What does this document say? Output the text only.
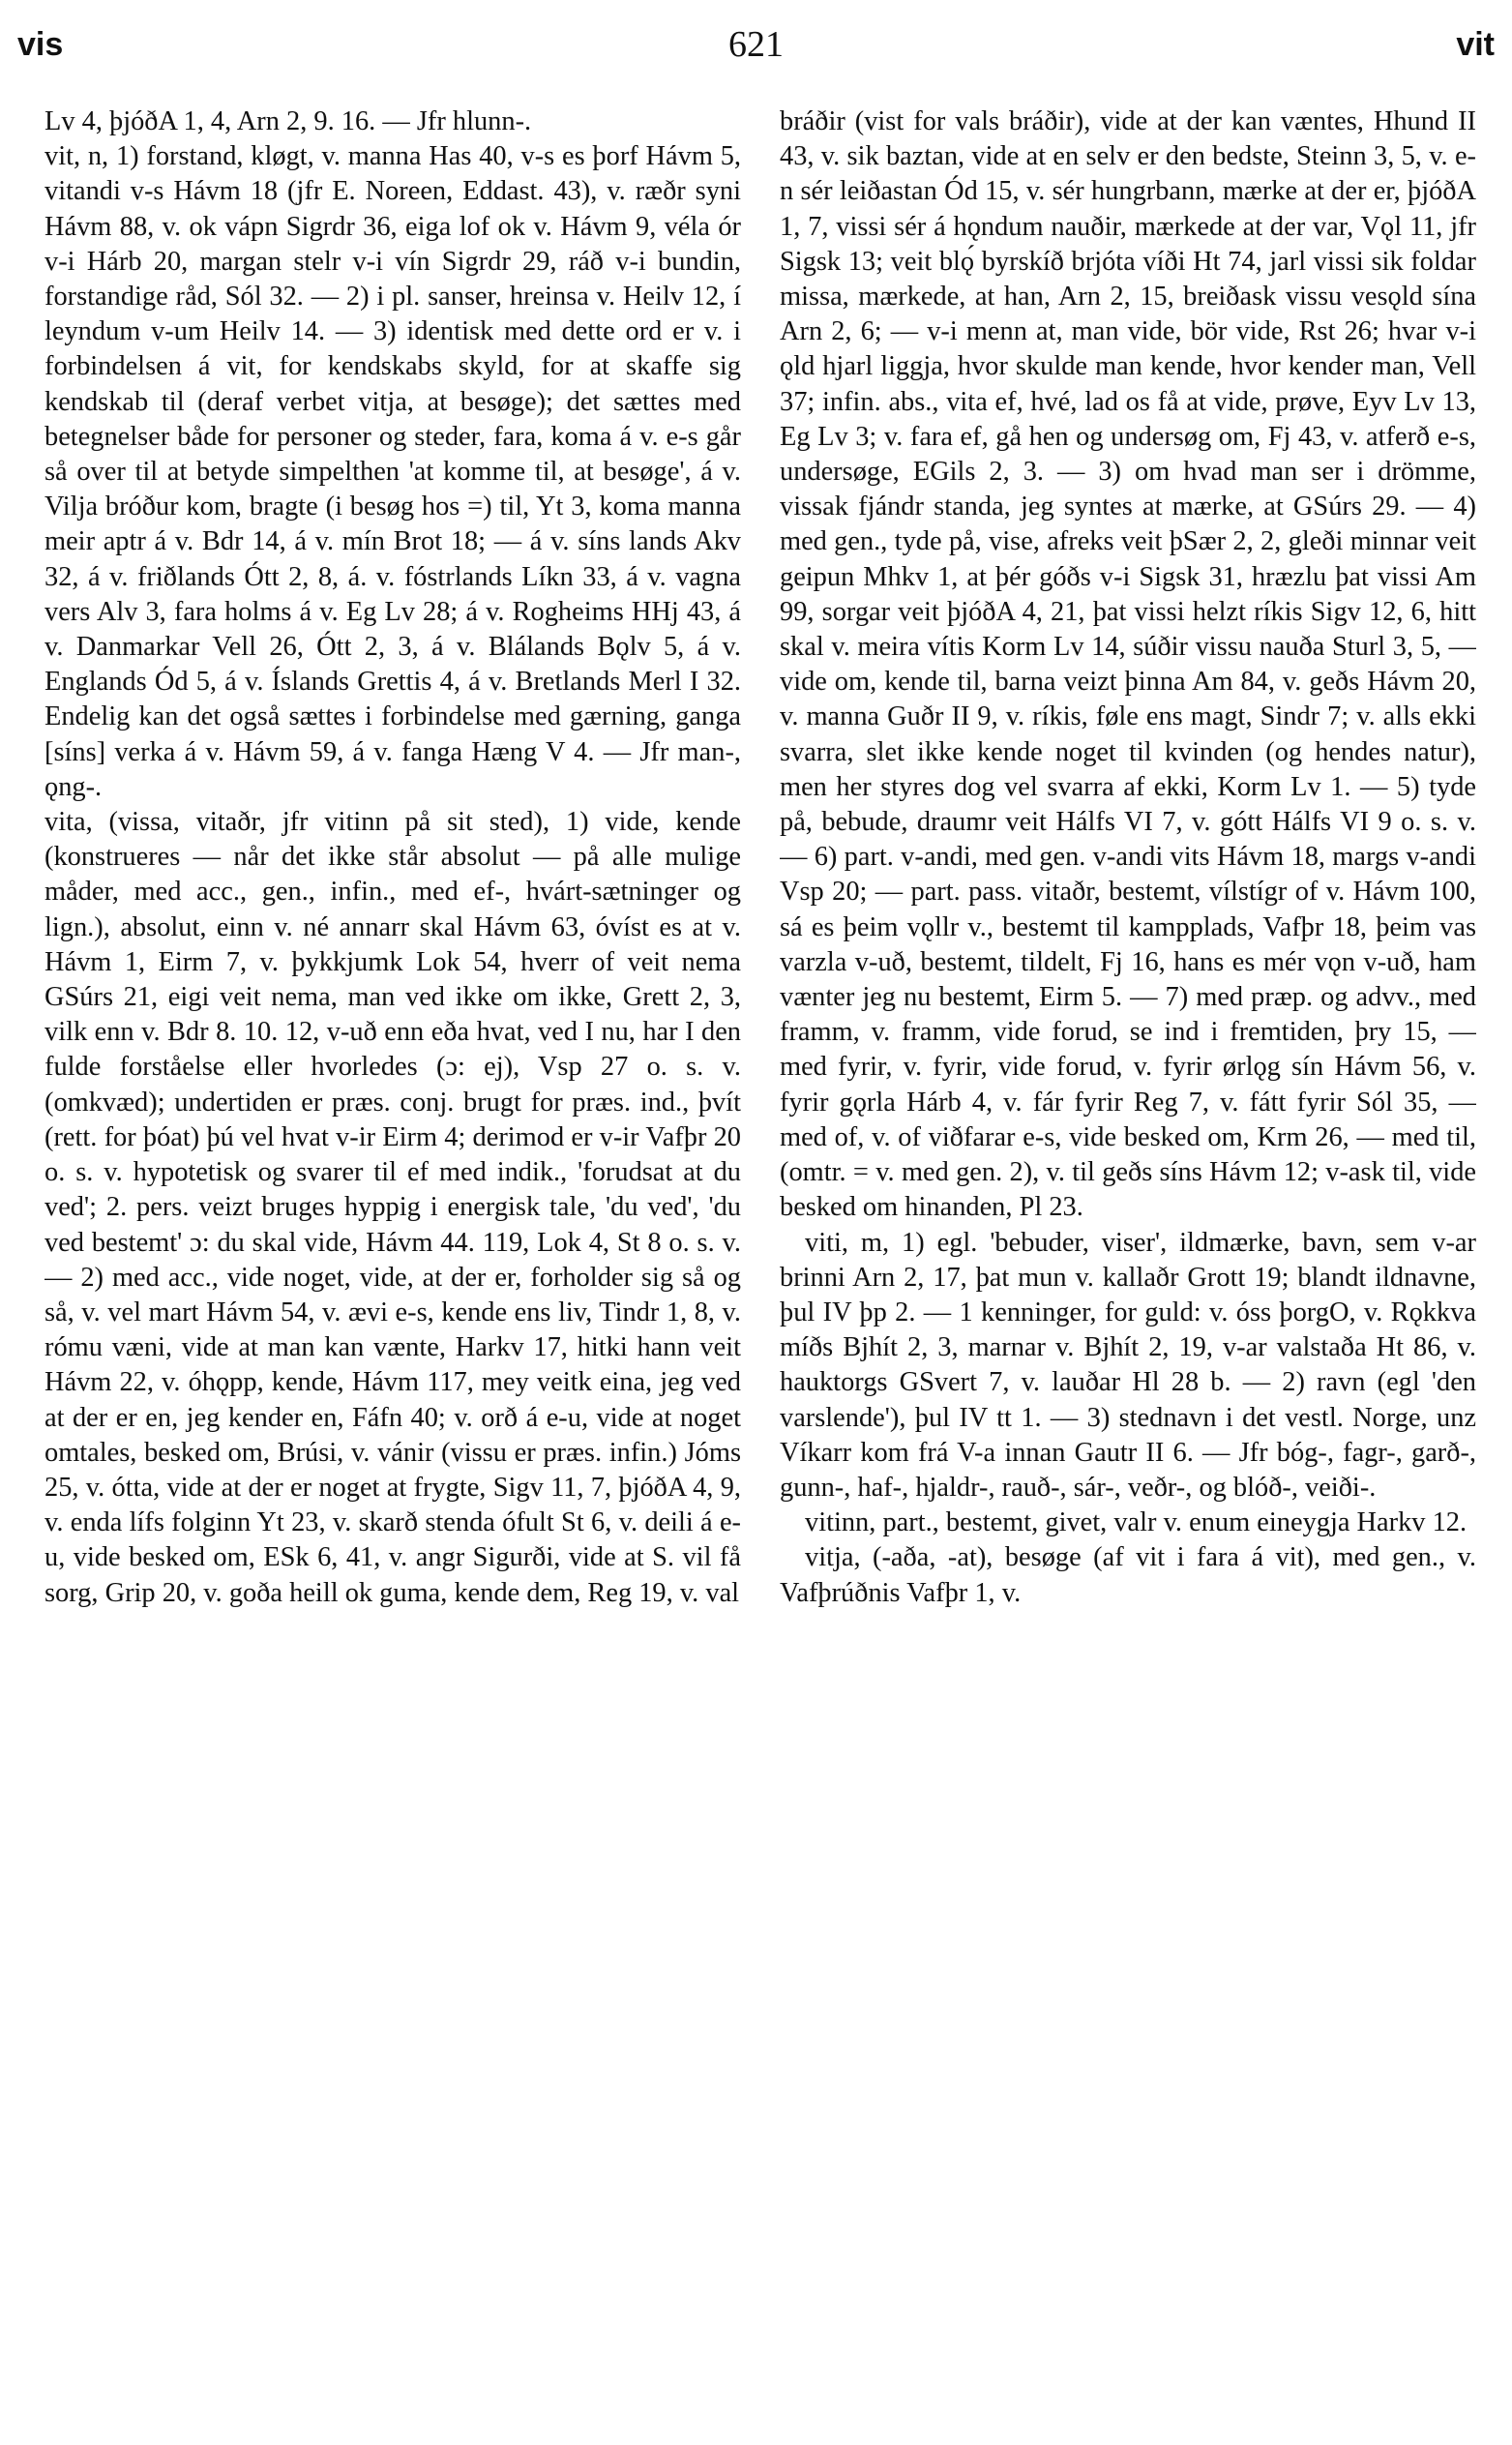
vis	621	vit

Lv 4, þjóðA 1, 4, Arn 2, 9. 16. — Jfr hlunn-.

vit, n, 1) forstand, kløgt, v. manna Has 40, v-s es þorf Hávm 5, vitandi v-s Hávm 18 (jfr E. Noreen, Eddast. 43), v. ræðr syni Hávm 88, v. ok vápn Sigrdr 36, eiga lof ok v. Hávm 9, véla ór v-i Hárb 20, margan stelr v-i vín Sigrdr 29, ráð v-i bundin, forstandige råd, Sól 32. — 2) i pl. sanser, hreinsa v. Heilv 12, í leyndum v-um Heilv 14. — 3) identisk med dette ord er v. i forbindelsen á vit, for kendskabs skyld, for at skaffe sig kendskab til (deraf verbet vitja, at besøge); det sættes med betegnelser både for personer og steder, fara, koma á v. e-s går så over til at betyde simpelthen 'at komme til, at besøge', á v. Vilja bróður kom, bragte (i besøg hos =) til, Yt 3, koma manna meir aptr á v. Bdr 14, á v. mín Brot 18; — á v. síns lands Akv 32, á v. friðlands Ótt 2, 8, á. v. fóstrlands Líkn 33, á v. vagna vers Alv 3, fara holms á v. Eg Lv 28; á v. Rogheims HHj 43, á v. Danmarkar Vell 26, Ótt 2, 3, á v. Blálands Bǫlv 5, á v. Englands Ód 5, á v. Íslands Grettis 4, á v. Bretlands Merl I 32. Endelig kan det også sættes i forbindelse med gærning, ganga [síns] verka á v. Hávm 59, á v. fanga Hæng V 4. — Jfr man-, ǫng-.

vita, (vissa, vitaðr, jfr vitinn på sit sted), 1) vide, kende (konstrueres — når det ikke står absolut — på alle mulige måder, med acc., gen., infin., med ef-, hvárt-sætninger og lign.), absolut, einn v. né annarr skal Hávm 63, óvíst es at v. Hávm 1, Eirm 7, v. þykkjumk Lok 54, hverr of veit nema GSúrs 21, eigi veit nema, man ved ikke om ikke, Grett 2, 3, vilk enn v. Bdr 8. 10. 12, v-uð enn eða hvat, ved I nu, har I den fulde forståelse eller hvorledes (ɔ: ej), Vsp 27 o. s. v. (omkvæd); undertiden er præs. conj. brugt for præs. ind., þvít (rett. for þóat) þú vel hvat v-ir Eirm 4; derimod er v-ir Vafþr 20 o. s. v. hypotetisk og svarer til ef med indik., 'forudsat at du ved'; 2. pers. veizt bruges hyppig i energisk tale, 'du ved', 'du ved bestemt' ɔ: du skal vide, Hávm 44. 119, Lok 4, St 8 o. s. v. — 2) med acc., vide noget, vide, at der er, forholder sig så og så, v. vel mart Hávm 54, v. ævi e-s, kende ens liv, Tindr 1, 8, v. rómu væni, vide at man kan vænte, Harkv 17, hitki hann veit Hávm 22, v. óhǫpp, kende, Hávm 117, mey veitk eina, jeg ved at der er en, jeg kender en, Fáfn 40; v. orð á e-u, vide at noget omtales, besked om, Brúsi, v. vánir (vissu er præs. infin.) Jóms 25, v. ótta, vide at der er noget at frygte, Sigv 11, 7, þjóðA 4, 9, v. enda lífs folginn Yt 23, v. skarð stenda ófult St 6, v. deili á e-u, vide besked om, ESk 6, 41, v. angr Sigurði, vide at S. vil få sorg, Grip 20, v. goða heill ok guma, kende dem, Reg 19, v. val

bráðir (vist for vals bráðir), vide at der kan væntes, Hhund II 43, v. sik baztan, vide at en selv er den bedste, Steinn 3, 5, v. e-n sér leiðastan Ód 15, v. sér hungrbann, mærke at der er, þjóðA 1, 7, vissi sér á hǫndum nauðir, mærkede at der var, Vǫl 11, jfr Sigsk 13; veit blǫ́ byrskíð brjóta víði Ht 74, jarl vissi sik foldar missa, mærkede, at han, Arn 2, 15, breiðask vissu vesǫld sína Arn 2, 6; — v-i menn at, man vide, bör vide, Rst 26; hvar v-i ǫld hjarl liggja, hvor skulde man kende, hvor kender man, Vell 37; infin. abs., vita ef, hvé, lad os få at vide, prøve, Eyv Lv 13, Eg Lv 3; v. fara ef, gå hen og undersøg om, Fj 43, v. atferð e-s, undersøge, EGils 2, 3. — 3) om hvad man ser i drömme, vissak fjándr standa, jeg syntes at mærke, at GSúrs 29. — 4) med gen., tyde på, vise, afreks veit þSær 2, 2, gleði minnar veit geipun Mhkv 1, at þér góðs v-i Sigsk 31, hræzlu þat vissi Am 99, sorgar veit þjóðA 4, 21, þat vissi helzt ríkis Sigv 12, 6, hitt skal v. meira vítis Korm Lv 14, súðir vissu nauða Sturl 3, 5, — vide om, kende til, barna veizt þinna Am 84, v. geðs Hávm 20, v. manna Guðr II 9, v. ríkis, føle ens magt, Sindr 7; v. alls ekki svarra, slet ikke kende noget til kvinden (og hendes natur), men her styres dog vel svarra af ekki, Korm Lv 1. — 5) tyde på, bebude, draumr veit Hálfs VI 7, v. gótt Hálfs VI 9 o. s. v. — 6) part. v-andi, med gen. v-andi vits Hávm 18, margs v-andi Vsp 20; — part. pass. vitaðr, bestemt, vílstígr of v. Hávm 100, sá es þeim vǫllr v., bestemt til kampplads, Vafþr 18, þeim vas varzla v-uð, bestemt, tildelt, Fj 16, hans es mér vǫn v-uð, ham vænter jeg nu bestemt, Eirm 5. — 7) med præp. og advv., med framm, v. framm, vide forud, se ind i fremtiden, þry 15, — med fyrir, v. fyrir, vide forud, v. fyrir ørlǫg sín Hávm 56, v. fyrir gǫrla Hárb 4, v. fár fyrir Reg 7, v. fátt fyrir Sól 35, — med of, v. of viðfarar e-s, vide besked om, Krm 26, — med til, (omtr. = v. med gen. 2), v. til geðs síns Hávm 12; v-ask til, vide besked om hinanden, Pl 23.

viti, m, 1) egl. 'bebuder, viser', ildmærke, bavn, sem v-ar brinni Arn 2, 17, þat mun v. kallaðr Grott 19; blandt ildnavne, þul IV þp 2. — 1 kenninger, for guld: v. óss þorgO, v. Rǫkkva míðs Bjhít 2, 3, marnar v. Bjhít 2, 19, v-ar valstaða Ht 86, v. hauktorgs GSvert 7, v. lauðar Hl 28 b. — 2) ravn (egl 'den varslende'), þul IV tt 1. — 3) stednavn i det vestl. Norge, unz Víkarr kom frá V-a innan Gautr II 6. — Jfr bóg-, fagr-, garð-, gunn-, haf-, hjaldr-, rauð-, sár-, veðr-, og blóð-, veiði-.

vitinn, part., bestemt, givet, valr v. enum eineygja Harkv 12.

vitja, (-aða, -at), besøge (af vit i fara á vit), med gen., v. Vafþrúðnis Vafþr 1, v.
